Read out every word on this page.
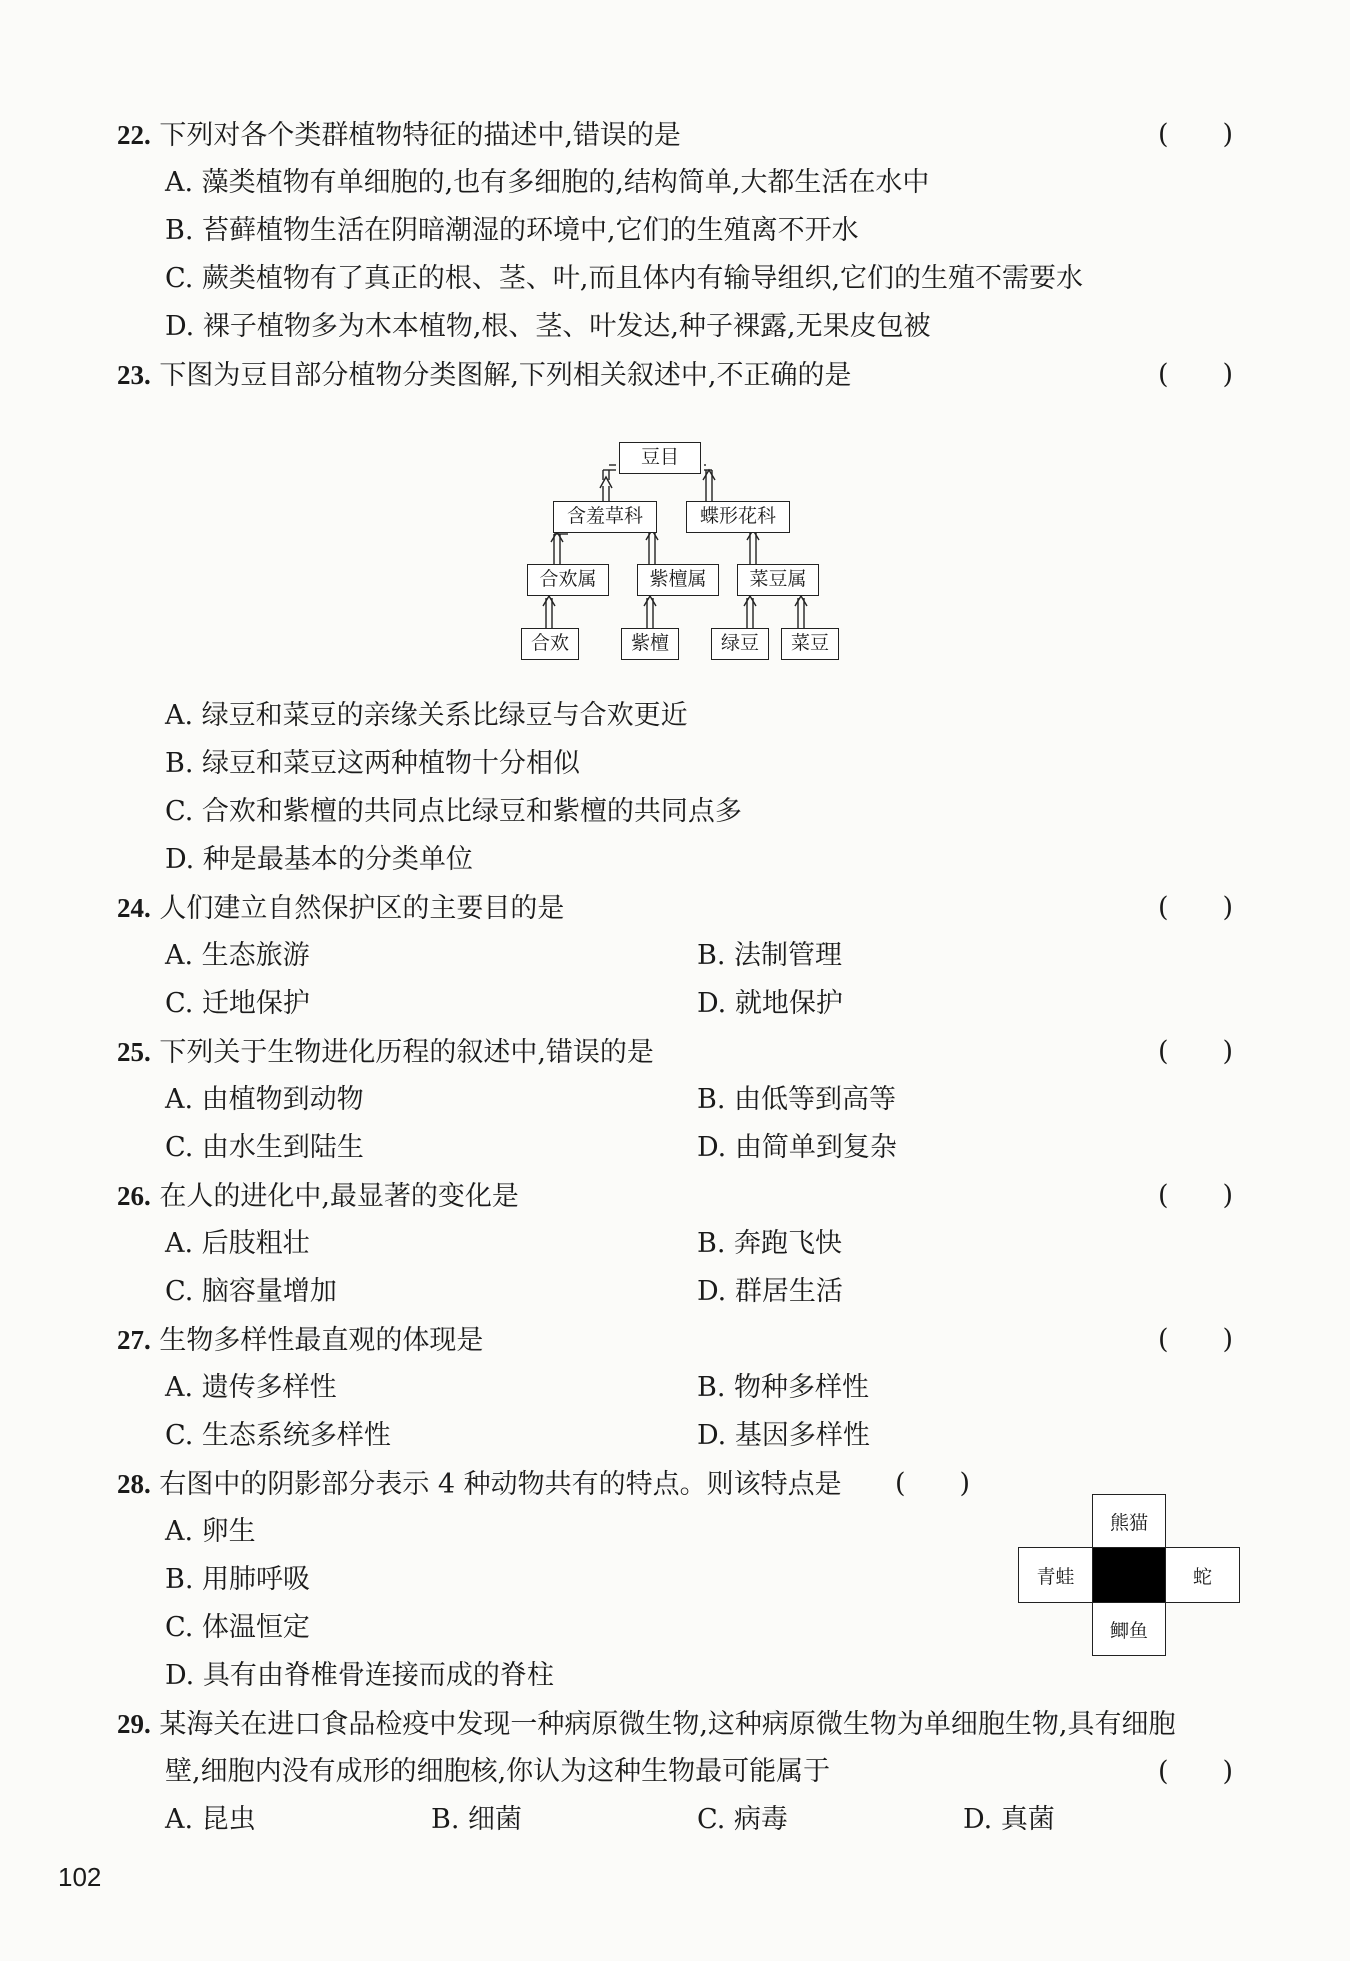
22. 下列对各个类群植物特征的描述中,错误的是	(　　)
A. 藻类植物有单细胞的,也有多细胞的,结构简单,大都生活在水中
B. 苔藓植物生活在阴暗潮湿的环境中,它们的生殖离不开水
C. 蕨类植物有了真正的根、茎、叶,而且体内有输导组织,它们的生殖不需要水
D. 裸子植物多为木本植物,根、茎、叶发达,种子裸露,无果皮包被
23. 下图为豆目部分植物分类图解,下列相关叙述中,不正确的是	(　　)
豆目
含羞草科	蝶形花科
合欢属	紫檀属	菜豆属
合欢	紫檀	绿豆	菜豆
A. 绿豆和菜豆的亲缘关系比绿豆与合欢更近
B. 绿豆和菜豆这两种植物十分相似
C. 合欢和紫檀的共同点比绿豆和紫檀的共同点多
D. 种是最基本的分类单位
24. 人们建立自然保护区的主要目的是	(　　)
A. 生态旅游	B. 法制管理
C. 迁地保护	D. 就地保护
25. 下列关于生物进化历程的叙述中,错误的是	(　　)
A. 由植物到动物	B. 由低等到高等
C. 由水生到陆生	D. 由简单到复杂
26. 在人的进化中,最显著的变化是	(　　)
A. 后肢粗壮	B. 奔跑飞快
C. 脑容量增加	D. 群居生活
27. 生物多样性最直观的体现是	(　　)
A. 遗传多样性	B. 物种多样性
C. 生态系统多样性	D. 基因多样性
28. 右图中的阴影部分表示 4 种动物共有的特点。则该特点是 (　　)
A. 卵生
B. 用肺呼吸
C. 体温恒定
D. 具有由脊椎骨连接而成的脊柱
熊猫
青蛙	蛇
鲫鱼
29. 某海关在进口食品检疫中发现一种病原微生物,这种病原微生物为单细胞生物,具有细胞
壁,细胞内没有成形的细胞核,你认为这种生物最可能属于	(　　)
A. 昆虫	B. 细菌	C. 病毒	D. 真菌
102
